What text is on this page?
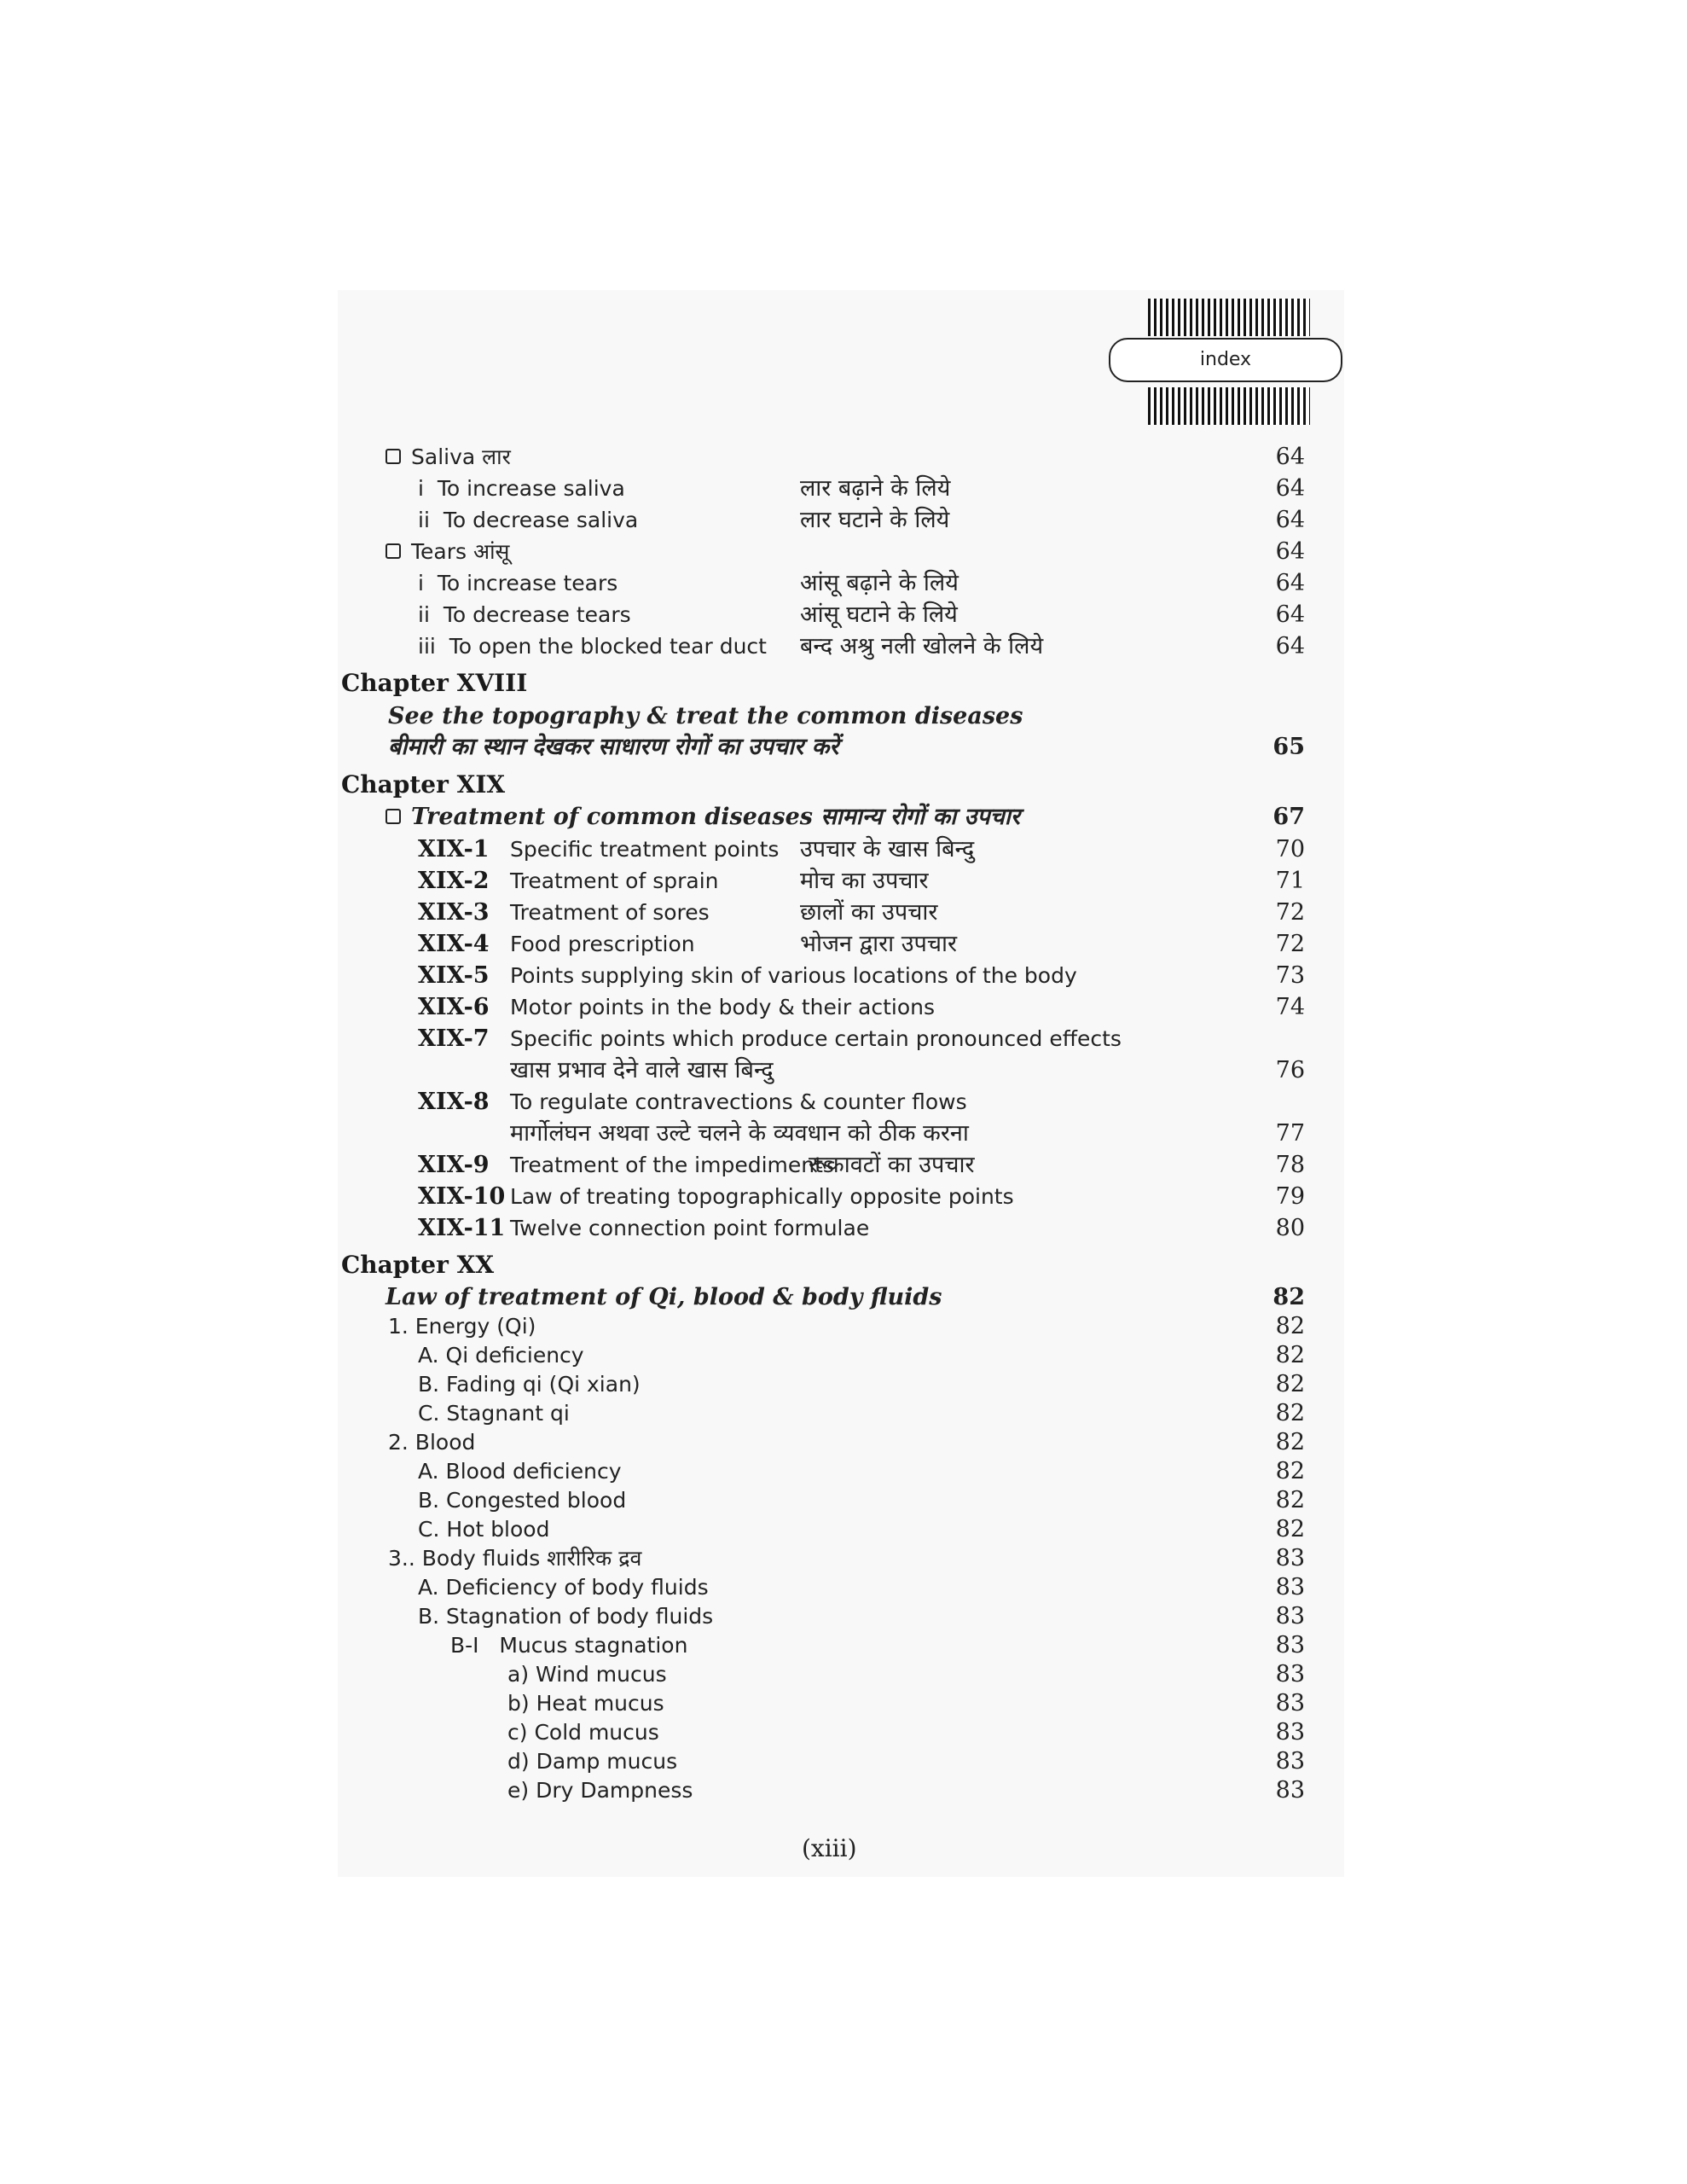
index
Saliva लार	64
i To increase saliva	लार बढ़ाने के लिये	64
ii To decrease saliva	लार घटाने के लिये	64
Tears आंसू	64
i To increase tears	आंसू बढ़ाने के लिये	64
ii To decrease tears	आंसू घटाने के लिये	64
iii To open the blocked tear duct बन्द अश्रु नली खोलने के लिये	64
Chapter XVIII
See the topography & treat the common diseases
बीमारी का स्थान देखकर साधारण रोगों का उपचार करें	65
Chapter XIX
Treatment of common diseases सामान्य रोगों का उपचार	67
XIX-1 Specific treatment points उपचार के खास बिन्दु	70
XIX-2 Treatment of sprain	मोच का उपचार	71
XIX-3 Treatment of sores	छालों का उपचार	72
XIX-4 Food prescription	भोजन द्वारा उपचार	72
XIX-5 Points supplying skin of various locations of the body	73
XIX-6 Motor points in the body & their actions	74
XIX-7 Specific points which produce certain pronounced effects
खास प्रभाव देने वाले खास बिन्दु	76
XIX-8 To regulate contravections & counter flows
मार्गोलंघन अथवा उल्टे चलने के व्यवधान को ठीक करना	77
XIX-9 Treatment of the impediments
रूकावटों का उपचार	78
XIX-10 Law of treating topographically opposite points	79
XIX-11 Twelve connection point formulae	80
Chapter XX
Law of treatment of Qi, blood & body fluids	82
1. Energy (Qi)	82
A. Qi deficiency	82
B. Fading qi (Qi xian)	82
C. Stagnant qi	82
2. Blood	82
A. Blood deficiency	82
B. Congested blood	82
C. Hot blood	82
3.. Body fluids शारीरिक द्रव	83
A. Deficiency of body fluids	83
B. Stagnation of body fluids	83
B-I   Mucus stagnation	83
a) Wind mucus	83
b) Heat mucus	83
c) Cold mucus	83
d) Damp mucus	83
e) Dry Dampness	83
(xiii)
